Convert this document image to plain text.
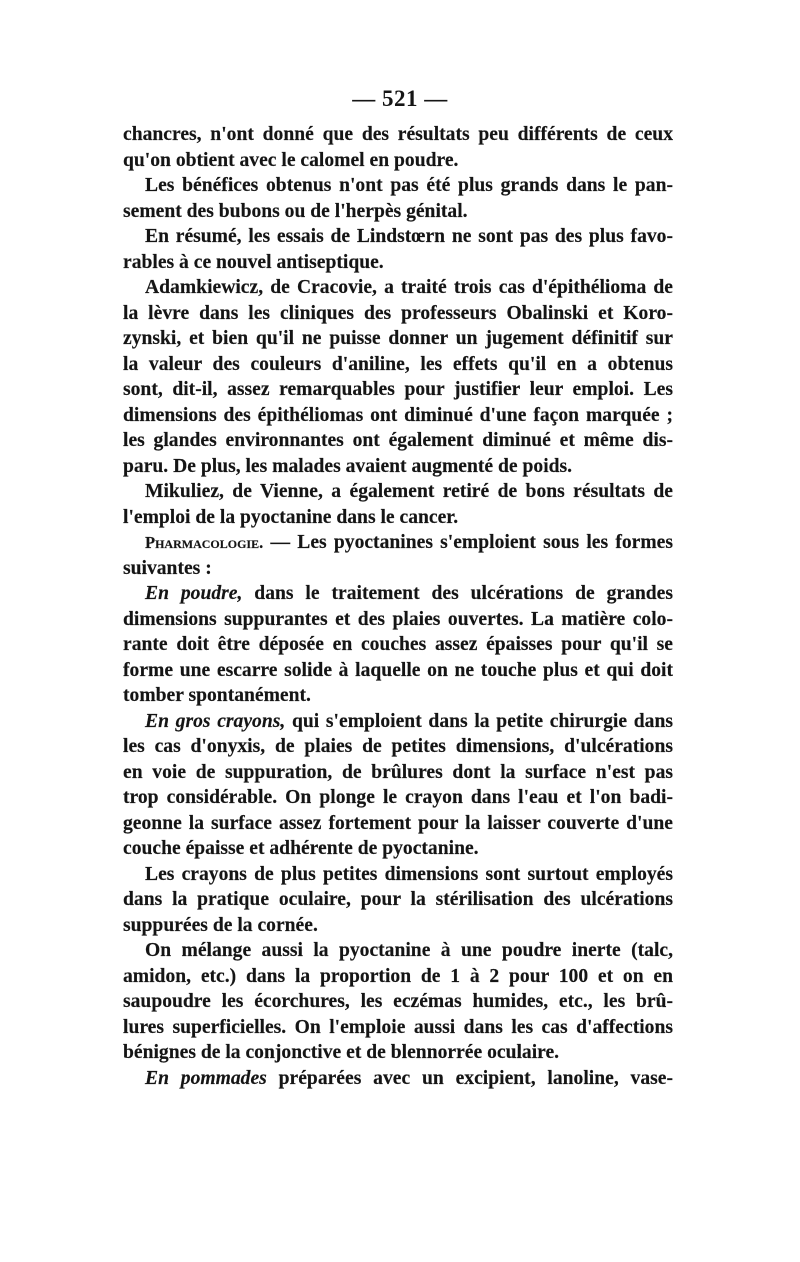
— 521 —

chancres, n'ont donné que des résultats peu différents de ceux

qu'on obtient avec le calomel en poudre.

Les bénéfices obtenus n'ont pas été plus grands dans le pan-

sement des bubons ou de l'herpès génital.

En résumé, les essais de Lindstœrn ne sont pas des plus favo-

rables à ce nouvel antiseptique.

Adamkiewicz, de Cracovie, a traité trois cas d'épithélioma de

la lèvre dans les cliniques des professeurs Obalinski et Koro-

zynski, et bien qu'il ne puisse donner un jugement définitif sur

la valeur des couleurs d'aniline, les effets qu'il en a obtenus

sont, dit-il, assez remarquables pour justifier leur emploi. Les

dimensions des épithéliomas ont diminué d'une façon marquée ;

les glandes environnantes ont également diminué et même dis-

paru. De plus, les malades avaient augmenté de poids.

Mikuliez, de Vienne, a également retiré de bons résultats de

l'emploi de la pyoctanine dans le cancer.

Pharmacologie. — Les pyoctanines s'emploient sous les formes

suivantes :

En poudre, dans le traitement des ulcérations de grandes

dimensions suppurantes et des plaies ouvertes. La matière colo-

rante doit être déposée en couches assez épaisses pour qu'il se

forme une escarre solide à laquelle on ne touche plus et qui doit

tomber spontanément.

En gros crayons, qui s'emploient dans la petite chirurgie dans

les cas d'onyxis, de plaies de petites dimensions, d'ulcérations

en voie de suppuration, de brûlures dont la surface n'est pas

trop considérable. On plonge le crayon dans l'eau et l'on badi-

geonne la surface assez fortement pour la laisser couverte d'une

couche épaisse et adhérente de pyoctanine.

Les crayons de plus petites dimensions sont surtout employés

dans la pratique oculaire, pour la stérilisation des ulcérations

suppurées de la cornée.

On mélange aussi la pyoctanine à une poudre inerte (talc,

amidon, etc.) dans la proportion de 1 à 2 pour 100 et on en

saupoudre les écorchures, les eczémas humides, etc., les brû-

lures superficielles. On l'emploie aussi dans les cas d'affections

bénignes de la conjonctive et de blennorrée oculaire.

En pommades préparées avec un excipient, lanoline, vase-
